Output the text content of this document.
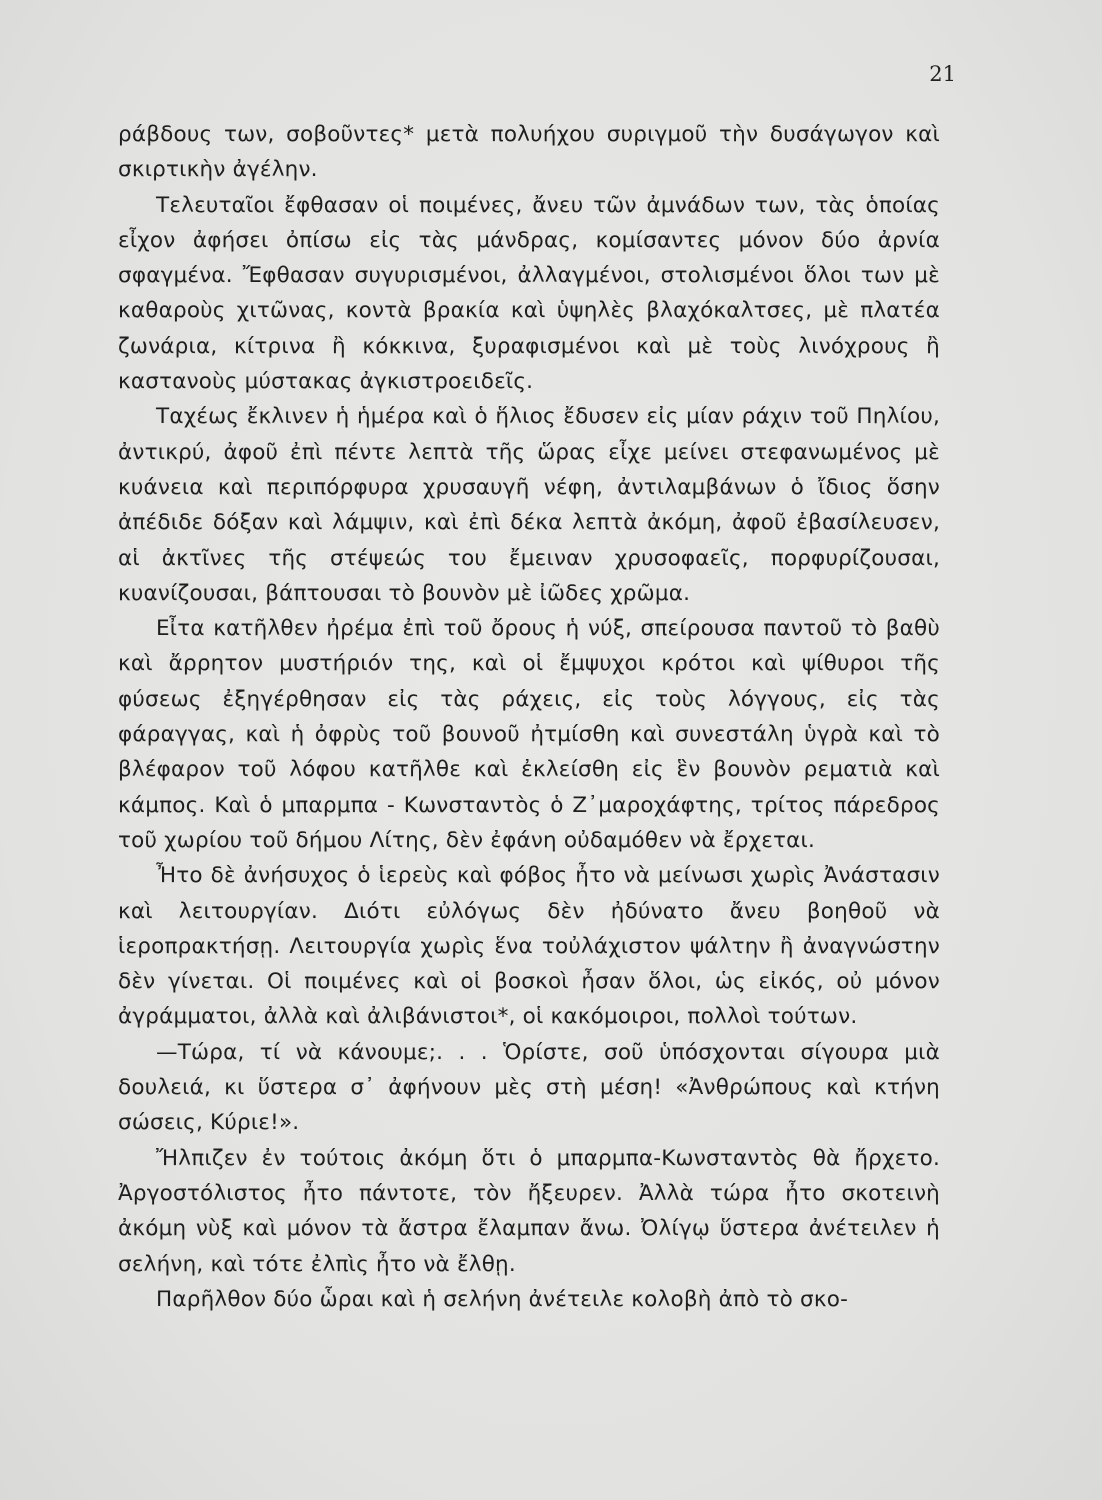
21

ράβδους των, σοβοῦντες* μετὰ πολυήχου συριγμοῦ τὴν δυσάγωγον καὶ σκιρτικὴν ἀγέλην.

Τελευταῖοι ἔφθασαν οἱ ποιμένες, ἄνευ τῶν ἀμνάδων των, τὰς ὁποίας εἶχον ἀφήσει ὀπίσω εἰς τὰς μάνδρας, κομίσαντες μόνον δύο ἀρνία σφαγμένα. Ἔφθασαν συγυρισμένοι, ἀλλαγμένοι, στολισμένοι ὅλοι των μὲ καθαροὺς χιτῶνας, κοντὰ βρακία καὶ ὑψηλὲς βλαχόκαλτσες, μὲ πλατέα ζωνάρια, κίτρινα ἢ κόκκινα, ξυραφισμένοι καὶ μὲ τοὺς λινόχρους ἢ καστανοὺς μύστακας ἀγκιστροειδεῖς.

Ταχέως ἔκλινεν ἡ ἡμέρα καὶ ὁ ἥλιος ἔδυσεν εἰς μίαν ράχιν τοῦ Πηλίου, ἀντικρύ, ἀφοῦ ἐπὶ πέντε λεπτὰ τῆς ὥρας εἶχε μείνει στεφανωμένος μὲ κυάνεια καὶ περιπόρφυρα χρυσαυγῆ νέφη, ἀντιλαμβάνων ὁ ἴδιος ὅσην ἀπέδιδε δόξαν καὶ λάμψιν, καὶ ἐπὶ δέκα λεπτὰ ἀκόμη, ἀφοῦ ἐβασίλευσεν, αἱ ἀκτῖνες τῆς στέψεώς του ἔμειναν χρυσοφαεῖς, πορφυρίζουσαι, κυανίζουσαι, βάπτουσαι τὸ βουνὸν μὲ ἰῶδες χρῶμα.

Εἶτα κατῆλθεν ἠρέμα ἐπὶ τοῦ ὄρους ἡ νύξ, σπείρουσα παντοῦ τὸ βαθὺ καὶ ἄρρητον μυστήριόν της, καὶ οἱ ἔμψυχοι κρότοι καὶ ψίθυροι τῆς φύσεως ἐξηγέρθησαν εἰς τὰς ράχεις, εἰς τοὺς λόγγους, εἰς τὰς φάραγγας, καὶ ἡ ὀφρὺς τοῦ βουνοῦ ἠτμίσθη καὶ συνεστάλη ὑγρὰ καὶ τὸ βλέφαρον τοῦ λόφου κατῆλθε καὶ ἐκλείσθη εἰς ἓν βουνὸν ρεματιὰ καὶ κάμπος. Καὶ ὁ μπαρμπα - Κωνσταντὸς ὁ Ζ᾿μαροχάφτης, τρίτος πάρεδρος τοῦ χωρίου τοῦ δήμου Λίτης, δὲν ἐφάνη οὐδαμόθεν νὰ ἔρχεται.

Ἦτο δὲ ἀνήσυχος ὁ ἱερεὺς καὶ φόβος ἦτο νὰ μείνωσι χωρὶς Ἀνάστασιν καὶ λειτουργίαν. Διότι εὐλόγως δὲν ἠδύνατο ἄνευ βοηθοῦ νὰ ἱεροπρακτήσῃ. Λειτουργία χωρὶς ἕνα τοὐλάχιστον ψάλτην ἢ ἀναγνώστην δὲν γίνεται. Οἱ ποιμένες καὶ οἱ βοσκοὶ ἦσαν ὅλοι, ὡς εἰκός, οὐ μόνον ἀγράμματοι, ἀλλὰ καὶ ἀλιβάνιστοι*, οἱ κακόμοιροι, πολλοὶ τούτων.

—Τώρα, τί νὰ κάνουμε;. . . Ὁρίστε, σοῦ ὑπόσχονται σίγουρα μιὰ δουλειά, κι ὕστερα σ᾿ ἀφήνουν μὲς στὴ μέση! «Ἀνθρώπους καὶ κτήνη σώσεις, Κύριε!».

Ἤλπιζεν ἐν τούτοις ἀκόμη ὅτι ὁ μπαρμπα-Κωνσταντὸς θὰ ἤρχετο. Ἀργοστόλιστος ἦτο πάντοτε, τὸν ἤξευρεν. Ἀλλὰ τώρα ἦτο σκοτεινὴ ἀκόμη νὺξ καὶ μόνον τὰ ἄστρα ἔλαμπαν ἄνω. Ὀλίγῳ ὕστερα ἀνέτειλεν ἡ σελήνη, καὶ τότε ἐλπὶς ἦτο νὰ ἔλθῃ.

Παρῆλθον δύο ὧραι καὶ ἡ σελήνη ἀνέτειλε κολοβὴ ἀπὸ τὸ σκο-
